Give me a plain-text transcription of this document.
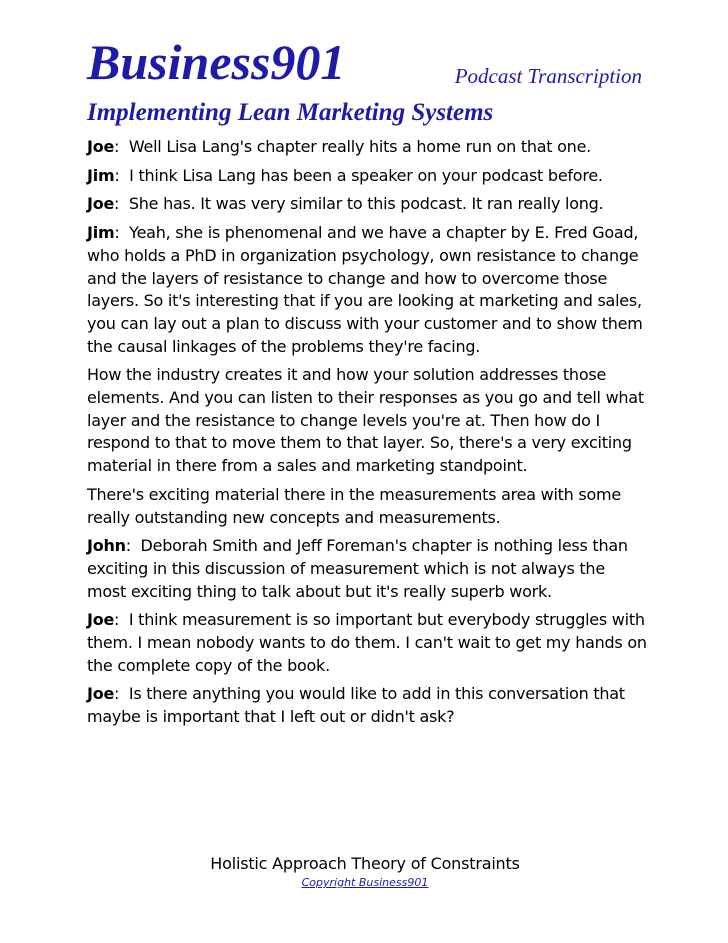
Business901	Podcast Transcription
Implementing Lean Marketing Systems

Joe:  Well Lisa Lang's chapter really hits a home run on that one.

Jim:  I think Lisa Lang has been a speaker on your podcast before.

Joe:  She has. It was very similar to this podcast. It ran really long.

Jim:  Yeah, she is phenomenal and we have a chapter by E. Fred Goad, who holds a PhD in organization psychology, own resistance to change and the layers of resistance to change and how to overcome those layers. So it's interesting that if you are looking at marketing and sales, you can lay out a plan to discuss with your customer and to show them the causal linkages of the problems they're facing.

How the industry creates it and how your solution addresses those elements. And you can listen to their responses as you go and tell what layer and the resistance to change levels you're at. Then how do I respond to that to move them to that layer. So, there's a very exciting material in there from a sales and marketing standpoint.

There's exciting material there in the measurements area with some really outstanding new concepts and measurements.

John:  Deborah Smith and Jeff Foreman's chapter is nothing less than exciting in this discussion of measurement which is not always the most exciting thing to talk about but it's really superb work.

Joe:  I think measurement is so important but everybody struggles with them. I mean nobody wants to do them. I can't wait to get my hands on the complete copy of the book.

Joe:  Is there anything you would like to add in this conversation that maybe is important that I left out or didn't ask?

Holistic Approach Theory of Constraints
Copyright Business901
